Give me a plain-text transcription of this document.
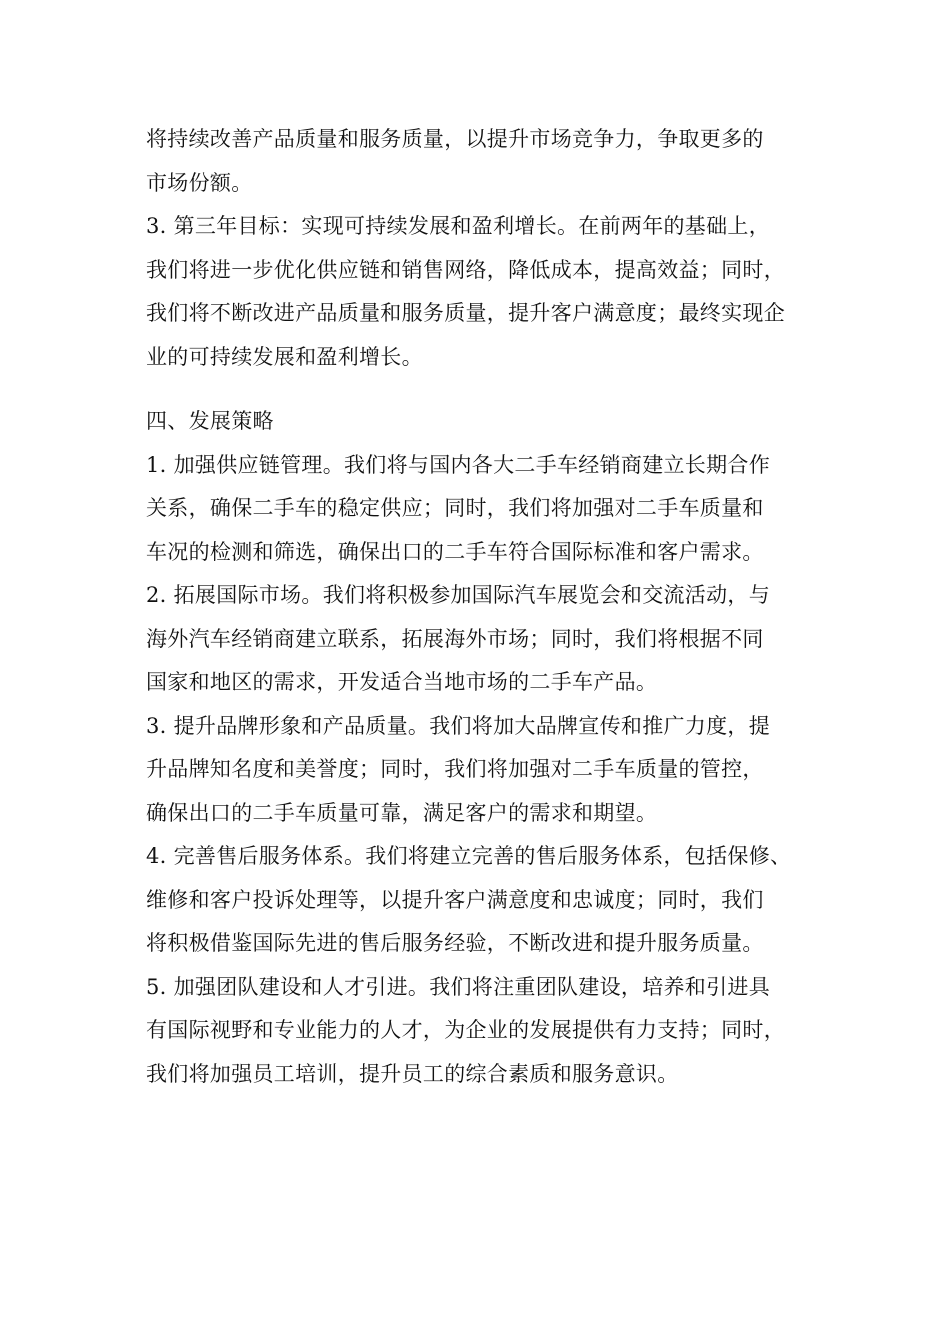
将持续改善产品质量和服务质量，以提升市场竞争力，争取更多的
市场份额。
3. 第三年目标：实现可持续发展和盈利增长。在前两年的基础上，
我们将进一步优化供应链和销售网络，降低成本，提高效益；同时，
我们将不断改进产品质量和服务质量，提升客户满意度；最终实现企
业的可持续发展和盈利增长。
四、发展策略
1. 加强供应链管理。我们将与国内各大二手车经销商建立长期合作
关系，确保二手车的稳定供应；同时，我们将加强对二手车质量和
车况的检测和筛选，确保出口的二手车符合国际标准和客户需求。
2. 拓展国际市场。我们将积极参加国际汽车展览会和交流活动，与
海外汽车经销商建立联系，拓展海外市场；同时，我们将根据不同
国家和地区的需求，开发适合当地市场的二手车产品。
3. 提升品牌形象和产品质量。我们将加大品牌宣传和推广力度，提
升品牌知名度和美誉度；同时，我们将加强对二手车质量的管控，
确保出口的二手车质量可靠，满足客户的需求和期望。
4. 完善售后服务体系。我们将建立完善的售后服务体系，包括保修、
维修和客户投诉处理等，以提升客户满意度和忠诚度；同时，我们
将积极借鉴国际先进的售后服务经验，不断改进和提升服务质量。
5. 加强团队建设和人才引进。我们将注重团队建设，培养和引进具
有国际视野和专业能力的人才，为企业的发展提供有力支持；同时，
我们将加强员工培训，提升员工的综合素质和服务意识。
